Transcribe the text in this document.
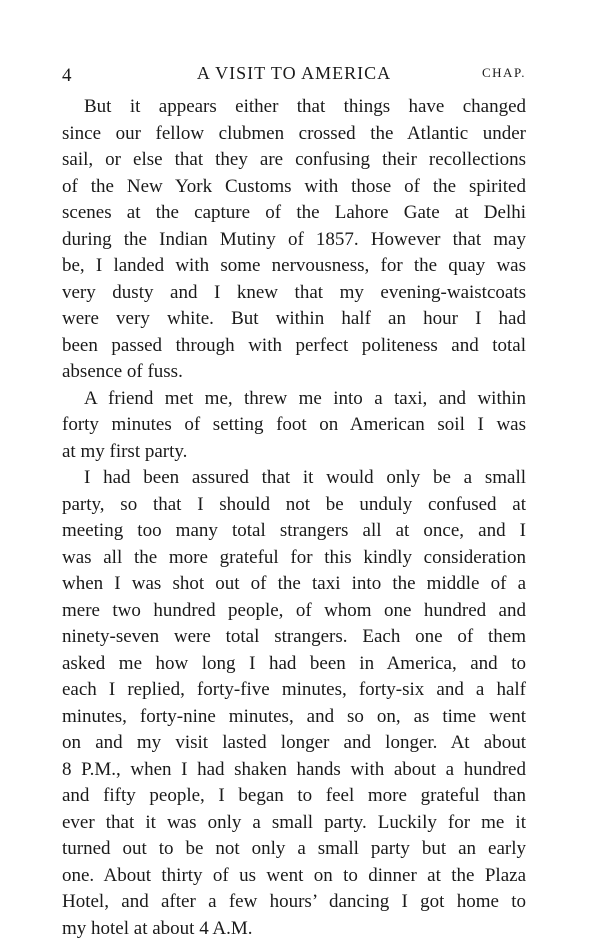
4	A VISIT TO AMERICA	CHAP.
But it appears either that things have changed
since our fellow clubmen crossed the Atlantic under
sail, or else that they are confusing their recollections
of the New York Customs with those of the spirited
scenes at the capture of the Lahore Gate at Delhi
during the Indian Mutiny of 1857. However that may
be, I landed with some nervousness, for the quay was
very dusty and I knew that my evening-waistcoats
were very white. But within half an hour I had
been passed through with perfect politeness and total
absence of fuss.
A friend met me, threw me into a taxi, and within
forty minutes of setting foot on American soil I was
at my first party.
I had been assured that it would only be a small
party, so that I should not be unduly confused at
meeting too many total strangers all at once, and I
was all the more grateful for this kindly consideration
when I was shot out of the taxi into the middle of a
mere two hundred people, of whom one hundred and
ninety-seven were total strangers. Each one of them
asked me how long I had been in America, and to
each I replied, forty-five minutes, forty-six and a half
minutes, forty-nine minutes, and so on, as time went
on and my visit lasted longer and longer. At about
8 P.M., when I had shaken hands with about a hundred
and fifty people, I began to feel more grateful than
ever that it was only a small party. Luckily for me it
turned out to be not only a small party but an early
one. About thirty of us went on to dinner at the Plaza
Hotel, and after a few hours’ dancing I got home to
my hotel at about 4 A.M.
